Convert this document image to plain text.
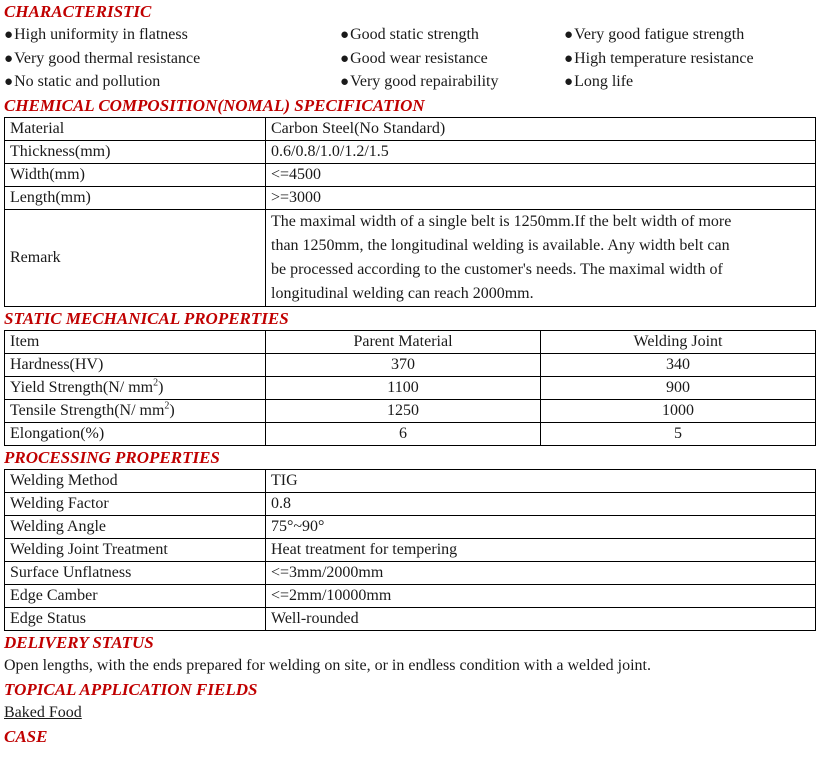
CHARACTERISTIC
●High uniformity in flatness	●Good static strength	●Very good fatigue strength
●Very good thermal resistance	●Good wear resistance	●High temperature resistance
●No static and pollution	●Very good repairability	●Long life
CHEMICAL COMPOSITION(NOMAL) SPECIFICATION
Material	Carbon Steel(No Standard)
Thickness(mm)	0.6/0.8/1.0/1.2/1.5
Width(mm)	<=4500
Length(mm)	>=3000
Remark	The maximal width of a single belt is 1250mm.If the belt width of more
than 1250mm, the longitudinal welding is available. Any width belt can
be processed according to the customer's needs. The maximal width of
longitudinal welding can reach 2000mm.
STATIC MECHANICAL PROPERTIES
Item	Parent Material	Welding Joint
Hardness(HV)	370	340
Yield Strength(N/ $mm^2$)	1100	900
Tensile Strength(N/ $mm^2$)	1250	1000
Elongation(%)	6	5
PROCESSING PROPERTIES
Welding Method	TIG
Welding Factor	0.8
Welding Angle	75°~90°
Welding Joint Treatment	Heat treatment for tempering
Surface Unflatness	<=3mm/2000mm
Edge Camber	<=2mm/10000mm
Edge Status	Well-rounded
DELIVERY STATUS
Open lengths, with the ends prepared for welding on site, or in endless condition with a welded joint.
TOPICAL APPLICATION FIELDS
Baked Food
CASE
